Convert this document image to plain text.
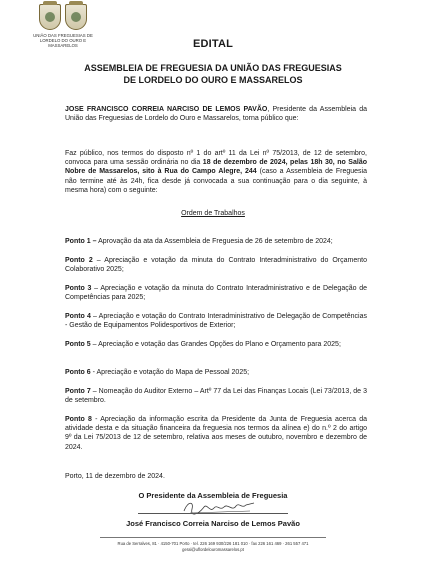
UNIÃO DAS FREGUESIAS DE
LORDELO DO OURO E MASSARELOS	EDITAL
ASSEMBLEIA DE FREGUESIA DA UNIÃO DAS FREGUESIAS
DE LORDELO DO OURO E MASSARELOS

JOSE FRANCISCO CORREIA NARCISO DE LEMOS PAVÃO, Presidente da Assembleia da União das Freguesias de Lordelo do Ouro e Massarelos, torna público que:

Faz público, nos termos do disposto nº 1 do artº 11 da Lei nº 75/2013, de 12 de setembro, convoca para uma sessão ordinária no dia 18 de dezembro de 2024, pelas 18h 30, no Salão Nobre de Massarelos, sito à Rua do Campo Alegre, 244 (caso a Assembleia de Freguesia não termine até às 24h, fica desde já convocada a sua continuação para o dia seguinte, à mesma hora) com o seguinte:

Ordem de Trabalhos

Ponto 1 – Aprovação da ata da Assembleia de Freguesia de 26 de setembro de 2024;

Ponto 2 – Apreciação e votação da minuta do Contrato Interadministrativo do Orçamento Colaborativo 2025;

Ponto 3 – Apreciação e votação da minuta do Contrato Interadministrativo e de Delegação de Competências para 2025;

Ponto 4 – Apreciação e votação do Contrato Interadministrativo de Delegação de Competências - Gestão de Equipamentos Polidesportivos de Exterior;

Ponto 5 – Apreciação e votação das Grandes Opções do Plano e Orçamento para 2025;

Ponto 6 - Apreciação e votação do Mapa de Pessoal 2025;

Ponto 7 – Nomeação do Auditor Externo – Artº 77 da Lei das Finanças Locais (Lei 73/2013, de 3 de setembro.

Ponto 8 - Apreciação da informação escrita da Presidente da Junta de Freguesia acerca da atividade desta e da situação financeira da freguesia nos termos da alínea e) do n.º 2 do artigo 9º da Lei 75/2013 de 12 de setembro, relativa aos meses de outubro, novembro e dezembro de 2024.

Porto, 11 de dezembro de 2024.

O Presidente da Assembleia de Freguesia
José Francisco Correia Narciso de Lemos Pavão
Rua de Serralves, 81 · 4150-701 Porto · tel. 226 169 930/226 181 010 · fax 226 161 469 · 261 557 471
geral@uflordelouromassarelos.pt
